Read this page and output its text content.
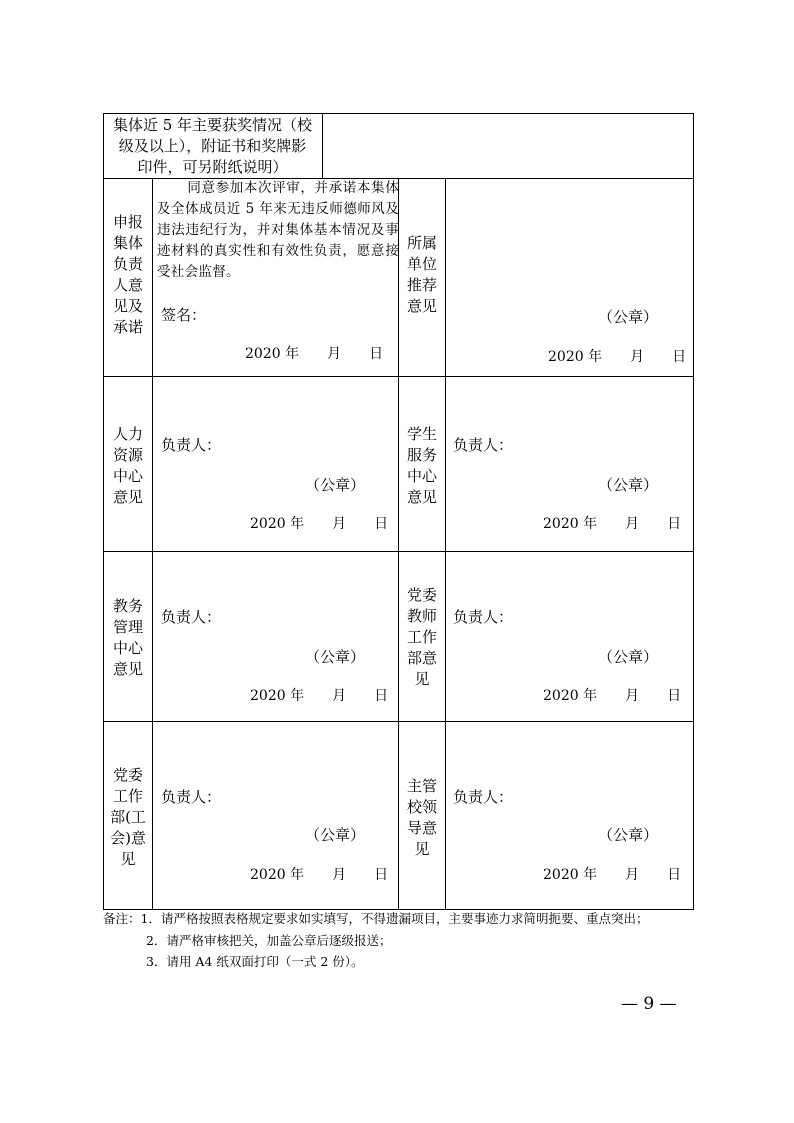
集体近 5 年主要获奖情况（校
级及以上），附证书和奖牌影
印件，可另附纸说明）
申报集体负责人意见及承诺
同意参加本次评审，并承诺本集体及全体成员近 5 年来无违反师德师风及违法违纪行为，并对集体基本情况及事迹材料的真实性和有效性负责，愿意接受社会监督。
签名：
2020 年　　月　　日
所属单位推荐意见
（公章）
2020 年　　月　　日
人力资源中心意见
负责人：
（公章）
2020 年　　月　　日
学生服务中心意见
负责人：
（公章）
2020 年　　月　　日
教务管理中心意见
负责人：
（公章）
2020 年　　月　　日
党委教师工作部意见
负责人：
（公章）
2020 年　　月　　日
党委工作部(工会)意见
负责人：
（公章）
2020 年　　月　　日
主管校领导意见
负责人：
（公章）
2020 年　　月　　日
备注：1．请严格按照表格规定要求如实填写，不得遗漏项目，主要事迹力求简明扼要、重点突出；
2．请严格审核把关，加盖公章后逐级报送；
3．请用 A4 纸双面打印（一式 2 份）。
— 9 —
